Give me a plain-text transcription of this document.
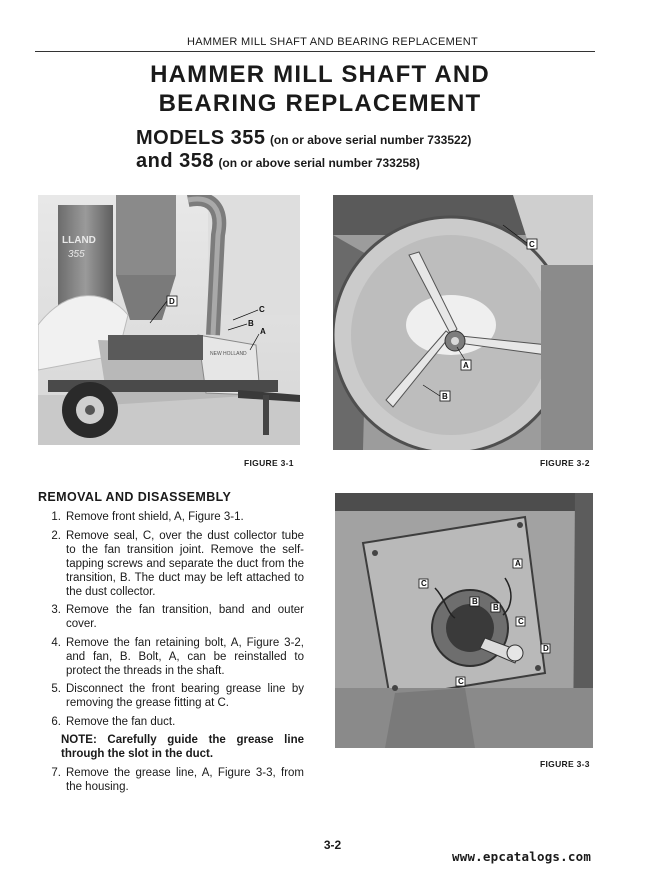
HAMMER MILL SHAFT AND BEARING REPLACEMENT
HAMMER MILL SHAFT AND
BEARING REPLACEMENT
MODELS 355 (on or above serial number 733522)
and 358 (on or above serial number 733258)
LLAND
355
NEW HOLLAND
D
C
B
A
FIGURE 3-1
C
A
B
FIGURE 3-2
A
C
B
B
C
D
C
FIGURE 3-3
REMOVAL AND DISASSEMBLY
1. Remove front shield, A, Figure 3-1.
2. Remove seal, C, over the dust collector tube to the fan transition joint. Remove the self-tapping screws and separate the duct from the transition, B. The duct may be left attached to the dust collector.
3. Remove the fan transition, band and outer cover.
4. Remove the fan retaining bolt, A, Figure 3-2, and fan, B. Bolt, A, can be reinstalled to protect the threads in the shaft.
5. Disconnect the front bearing grease line by removing the grease fitting at C.
6. Remove the fan duct.
NOTE: Carefully guide the grease line through the slot in the duct.
7. Remove the grease line, A, Figure 3-3, from the housing.
3-2
www.epcatalogs.com
